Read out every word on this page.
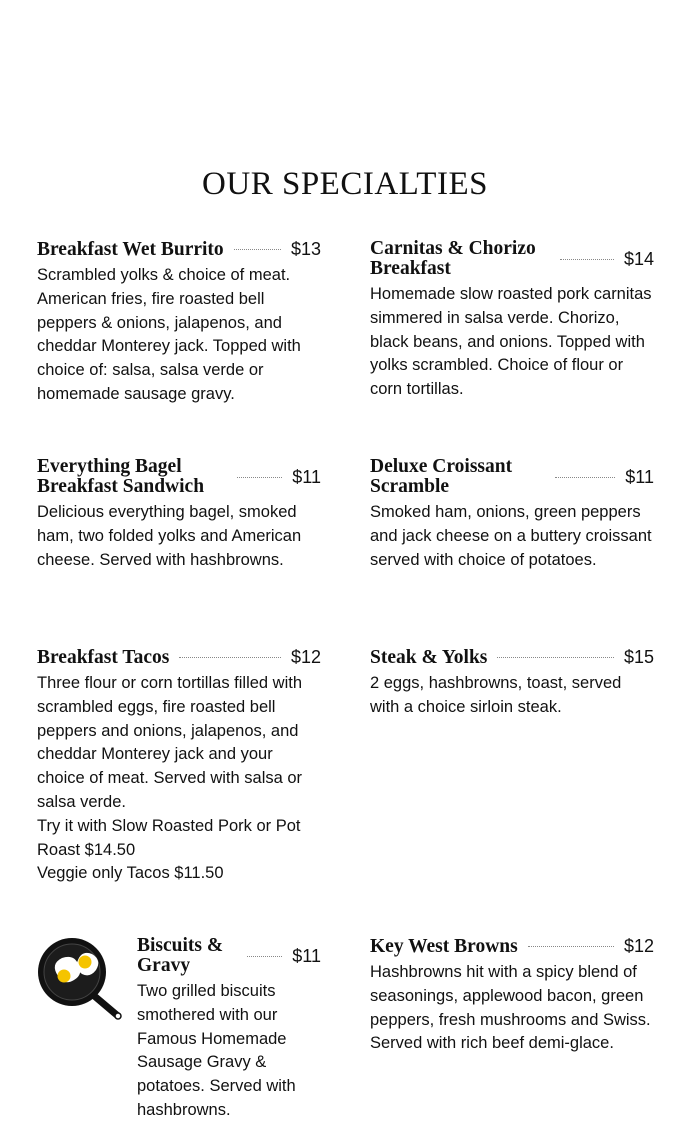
OUR SPECIALTIES
Breakfast Wet Burrito	$13

Scrambled yolks & choice of meat. American fries, fire roasted bell peppers & onions, jalapenos, and cheddar Monterey jack. Topped with choice of: salsa, salsa verde or homemade sausage gravy.

Carnitas & Chorizo Breakfast	$14

Homemade slow roasted pork carnitas simmered in salsa verde. Chorizo, black beans, and onions. Topped with yolks scrambled. Choice of flour or corn tortillas.

Everything Bagel Breakfast Sandwich	$11

Delicious everything bagel, smoked ham, two folded yolks and American cheese. Served with hashbrowns.

Deluxe Croissant Scramble	$11

Smoked ham, onions, green peppers and jack cheese on a buttery croissant served with choice of potatoes.

Breakfast Tacos	$12

Three flour or corn tortillas filled with scrambled eggs, fire roasted bell peppers and onions, jalapenos, and cheddar Monterey jack and your choice of meat. Served with salsa or salsa verde.

Try it with Slow Roasted Pork or Pot Roast $14.50

Veggie only Tacos $11.50

Steak & Yolks	$15

2 eggs, hashbrowns, toast, served with a choice sirloin steak.

Biscuits & Gravy	$11

Two grilled biscuits smothered with our Famous Homemade Sausage Gravy & potatoes. Served with hashbrowns.

Key West Browns	$12

Hashbrowns hit with a spicy blend of seasonings, applewood bacon, green peppers, fresh mushrooms and Swiss. Served with rich beef demi-glace.
